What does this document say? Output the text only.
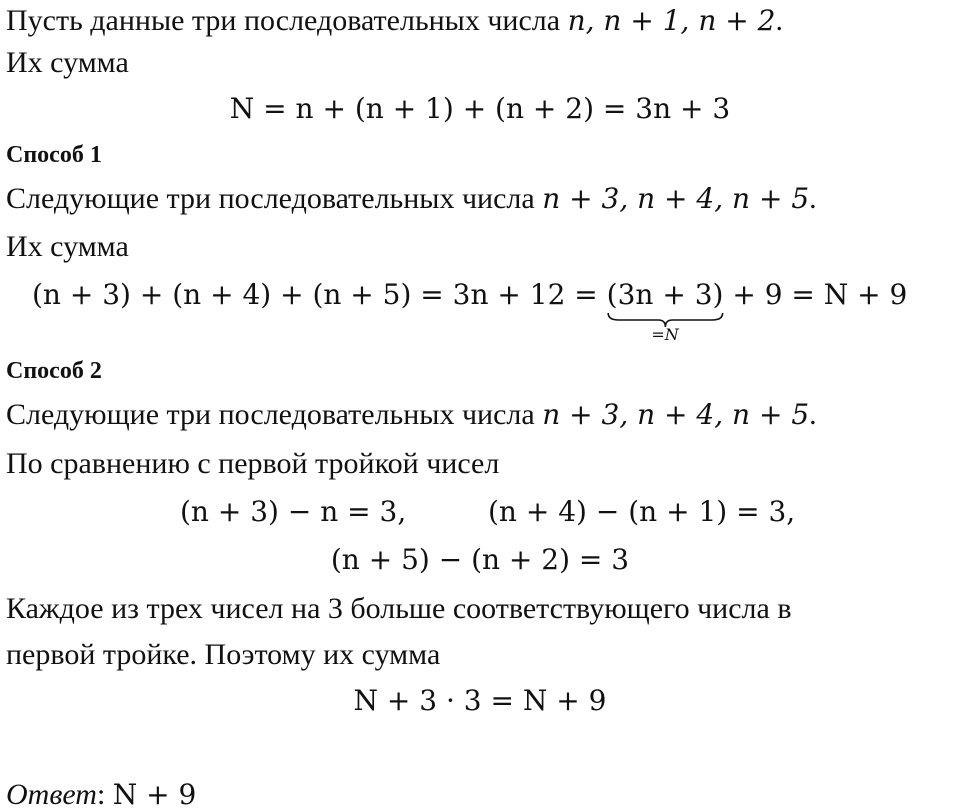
Пусть данные три последовательных числа n, n + 1, n + 2.
Их сумма
N = n + (n + 1) + (n + 2) = 3n + 3
Способ 1
Следующие три последовательных числа n + 3, n + 4, n + 5.
Их сумма
(n + 3) + (n + 4) + (n + 5) = 3n + 12 = (3n + 3)
=N
+ 9 = N + 9
Способ 2
Следующие три последовательных числа n + 3, n + 4, n + 5.
По сравнению с первой тройкой чисел
(n + 3) − n = 3,	(n + 4) − (n + 1) = 3,
(n + 5) − (n + 2) = 3
Каждое из трех чисел на 3 больше соответствующего числа в
первой тройке. Поэтому их сумма
N + 3 · 3 = N + 9
Ответ: N + 9
